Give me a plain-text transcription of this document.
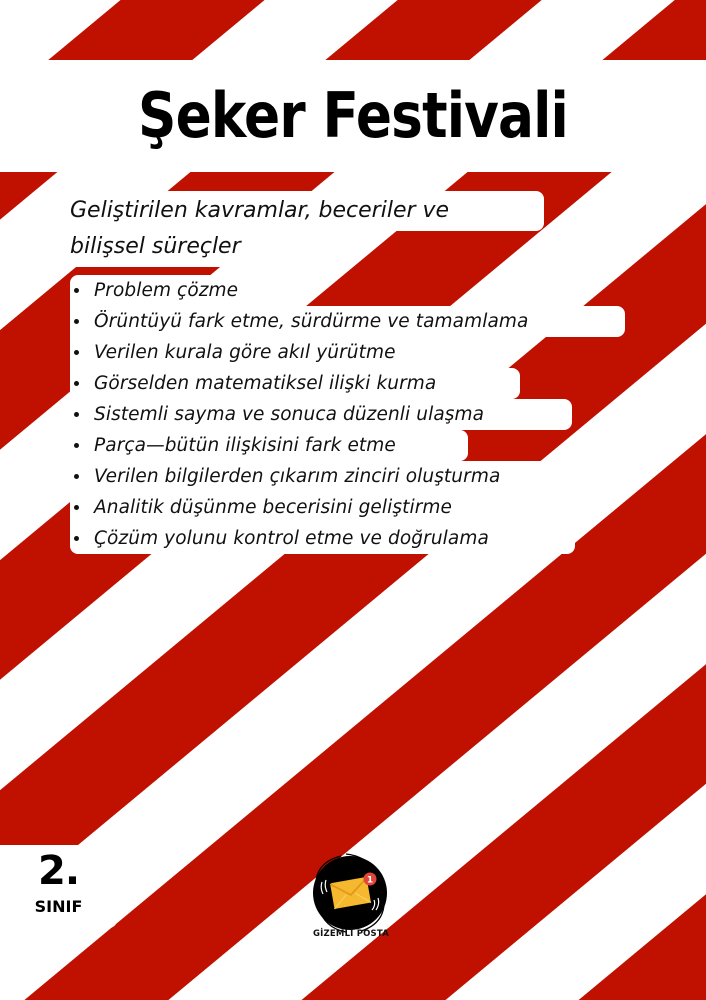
Şeker Festivali
Geliştirilen kavramlar, beceriler ve
bilişsel süreçler
Problem çözme
Örüntüyü fark etme, sürdürme ve tamamlama
Verilen kurala göre akıl yürütme
Görselden matematiksel ilişki kurma
Sistemli sayma ve sonuca düzenli ulaşma
Parça—bütün ilişkisini fark etme
Verilen bilgilerden çıkarım zinciri oluşturma
Analitik düşünme becerisini geliştirme
Çözüm yolunu kontrol etme ve doğrulama
2.
SINIF
1
GİZEMLİ POSTA
